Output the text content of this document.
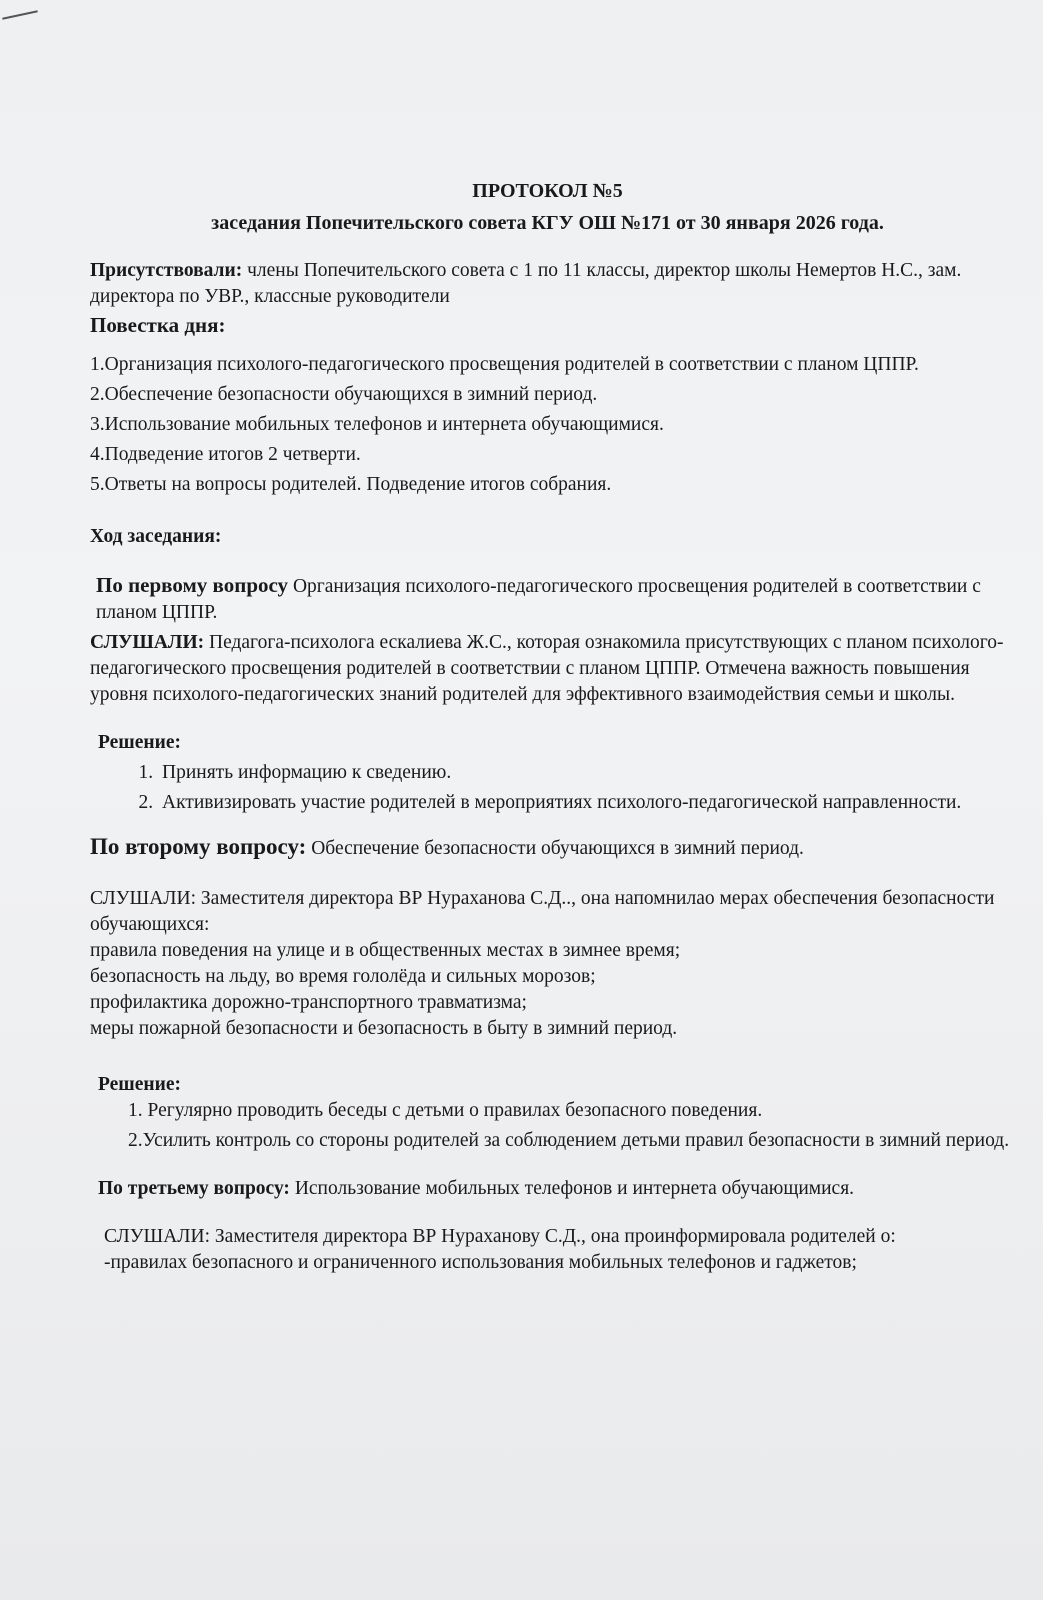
ПРОТОКОЛ №5
заседания Попечительского совета КГУ ОШ №171 от 30 января 2026 года.

Присутствовали: члены Попечительского совета с 1 по 11 классы, директор школы Немертов Н.С., зам. директора по УВР., классные руководители

Повестка дня:
1.Организация психолого-педагогического просвещения родителей в соответствии с планом ЦППР.
2.Обеспечение безопасности обучающихся в зимний период.
3.Использование мобильных телефонов и интернета обучающимися.
4.Подведение итогов 2 четверти.
5.Ответы на вопросы родителей. Подведение итогов собрания.
Ход заседания:
По первому вопросу Организация психолого-педагогического просвещения родителей в соответствии с планом ЦППР.
СЛУШАЛИ: Педагога-психолога ескалиева Ж.С., которая ознакомила присутствующих с планом психолого-педагогического просвещения родителей в соответствии с планом ЦППР. Отмечена важность повышения уровня психолого-педагогических знаний родителей для эффективного взаимодействия семьи и школы.
Решение:
1. Принять информацию к сведению.
2. Активизировать участие родителей в мероприятиях психолого-педагогической направленности.
По второму вопросу: Обеспечение безопасности обучающихся в зимний период.
СЛУШАЛИ: Заместителя директора ВР Нураханова С.Д.., она напомнилао мерах обеспечения безопасности обучающихся:
правила поведения на улице и в общественных местах в зимнее время;
безопасность на льду, во время гололёда и сильных морозов;
профилактика дорожно-транспортного травматизма;
меры пожарной безопасности и безопасность в быту в зимний период.
Решение:
1. Регулярно проводить беседы с детьми о правилах безопасного поведения.
2.Усилить контроль со стороны родителей за соблюдением детьми правил безопасности в зимний период.
По третьему вопросу: Использование мобильных телефонов и интернета обучающимися.
СЛУШАЛИ: Заместителя директора ВР Нураханову С.Д., она проинформировала родителей о:
-правилах безопасного и ограниченного использования мобильных телефонов и гаджетов;
